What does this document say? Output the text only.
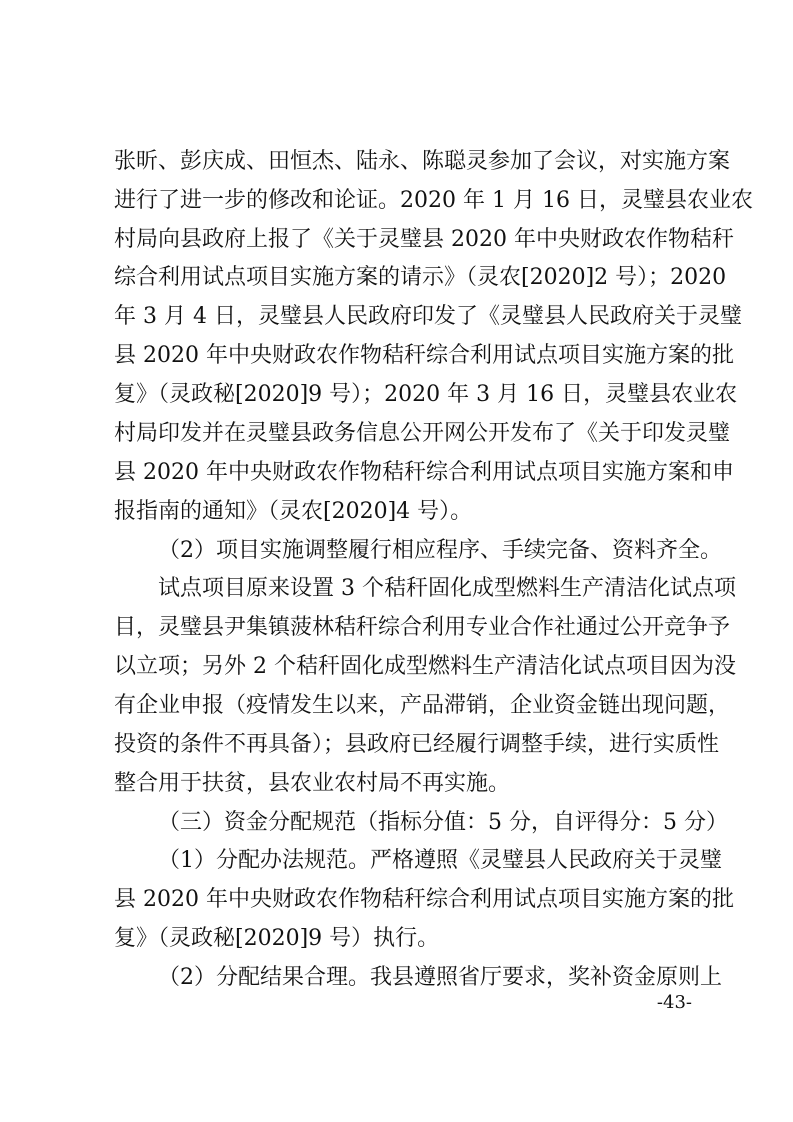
张昕、彭庆成、田恒杰、陆永、陈聪灵参加了会议，对实施方案
进行了进一步的修改和论证。2020 年 1 月 16 日，灵璧县农业农
村局向县政府上报了《关于灵璧县 2020 年中央财政农作物秸秆
综合利用试点项目实施方案的请示》（灵农[2020]2 号）；2020
年 3 月 4 日，灵璧县人民政府印发了《灵璧县人民政府关于灵璧
县 2020 年中央财政农作物秸秆综合利用试点项目实施方案的批
复》（灵政秘[2020]9 号）；2020 年 3 月 16 日，灵璧县农业农
村局印发并在灵璧县政务信息公开网公开发布了《关于印发灵璧
县 2020 年中央财政农作物秸秆综合利用试点项目实施方案和申
报指南的通知》（灵农[2020]4 号）。
（2）项目实施调整履行相应程序、手续完备、资料齐全。
试点项目原来设置 3 个秸秆固化成型燃料生产清洁化试点项
目，灵璧县尹集镇菠林秸秆综合利用专业合作社通过公开竞争予
以立项；另外 2 个秸秆固化成型燃料生产清洁化试点项目因为没
有企业申报（疫情发生以来，产品滞销，企业资金链出现问题，
投资的条件不再具备）；县政府已经履行调整手续，进行实质性
整合用于扶贫，县农业农村局不再实施。
（三）资金分配规范（指标分值：5 分，自评得分：5 分）
（1）分配办法规范。严格遵照《灵璧县人民政府关于灵璧
县 2020 年中央财政农作物秸秆综合利用试点项目实施方案的批
复》（灵政秘[2020]9 号）执行。
（2）分配结果合理。我县遵照省厅要求，奖补资金原则上
-43-
